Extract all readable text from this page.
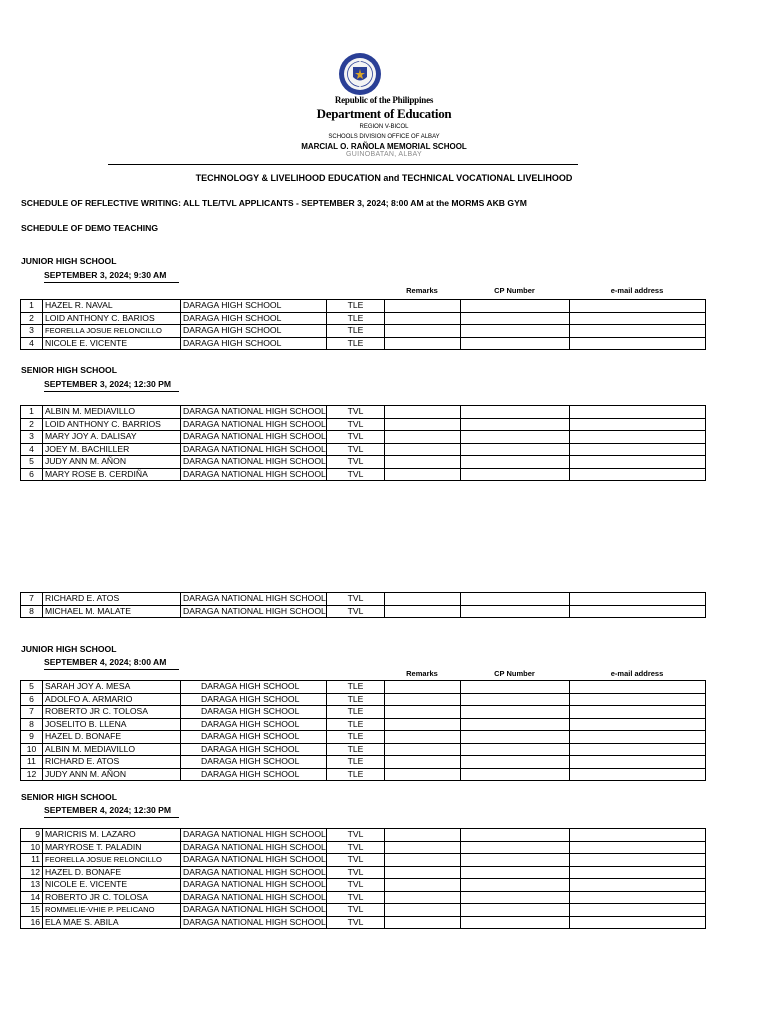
Republic of the Philippines
Department of Education
REGION V-BICOL
SCHOOLS DIVISION OFFICE OF ALBAY
MARCIAL O. RAÑOLA MEMORIAL SCHOOL
GUINOBATAN, ALBAY
TECHNOLOGY & LIVELIHOOD EDUCATION and TECHNICAL VOCATIONAL LIVELIHOOD
SCHEDULE OF REFLECTIVE WRITING: ALL TLE/TVL APPLICANTS - SEPTEMBER 3, 2024; 8:00 AM at the MORMS AKB GYM
SCHEDULE OF DEMO TEACHING
JUNIOR HIGH SCHOOL
SEPTEMBER 3, 2024; 9:30 AM
Remarks	CP Number	e-mail address
1	HAZEL R. NAVAL	DARAGA HIGH SCHOOL	TLE			
2	LOID ANTHONY C. BARIOS	DARAGA HIGH SCHOOL	TLE			
3	FEORELLA JOSUE RELONCILLO	DARAGA HIGH SCHOOL	TLE			
4	NICOLE E. VICENTE	DARAGA HIGH SCHOOL	TLE			
SENIOR HIGH SCHOOL
SEPTEMBER 3, 2024; 12:30 PM
1	ALBIN M. MEDIAVILLO	DARAGA NATIONAL HIGH SCHOOL	TVL			
2	LOID ANTHONY C. BARRIOS	DARAGA NATIONAL HIGH SCHOOL	TVL			
3	MARY JOY A. DALISAY	DARAGA NATIONAL HIGH SCHOOL	TVL			
4	JOEY M. BACHILLER	DARAGA NATIONAL HIGH SCHOOL	TVL			
5	JUDY ANN M. AÑON	DARAGA NATIONAL HIGH SCHOOL	TVL			
6	MARY ROSE B. CERDIÑA	DARAGA NATIONAL HIGH SCHOOL	TVL			
7	RICHARD E. ATOS	DARAGA NATIONAL HIGH SCHOOL	TVL			
8	MICHAEL M. MALATE	DARAGA NATIONAL HIGH SCHOOL	TVL			
JUNIOR HIGH SCHOOL
SEPTEMBER 4, 2024; 8:00 AM
Remarks	CP Number	e-mail address
5	SARAH JOY A. MESA	DARAGA HIGH SCHOOL	TLE			
6	ADOLFO A. ARMARIO	DARAGA HIGH SCHOOL	TLE			
7	ROBERTO JR C. TOLOSA	DARAGA HIGH SCHOOL	TLE			
8	JOSELITO B. LLENA	DARAGA HIGH SCHOOL	TLE			
9	HAZEL D. BONAFE	DARAGA HIGH SCHOOL	TLE			
10	ALBIN M. MEDIAVILLO	DARAGA HIGH SCHOOL	TLE			
11	RICHARD E. ATOS	DARAGA HIGH SCHOOL	TLE			
12	JUDY ANN M. AÑON	DARAGA HIGH SCHOOL	TLE			
SENIOR HIGH SCHOOL
SEPTEMBER 4, 2024; 12:30 PM
9	MARICRIS M. LAZARO	DARAGA NATIONAL HIGH SCHOOL	TVL			
10	MARYROSE T. PALADIN	DARAGA NATIONAL HIGH SCHOOL	TVL			
11	FEORELLA JOSUE RELONCILLO	DARAGA NATIONAL HIGH SCHOOL	TVL			
12	HAZEL D. BONAFE	DARAGA NATIONAL HIGH SCHOOL	TVL			
13	NICOLE E. VICENTE	DARAGA NATIONAL HIGH SCHOOL	TVL			
14	ROBERTO JR C. TOLOSA	DARAGA NATIONAL HIGH SCHOOL	TVL			
15	ROMMELIE-VHIE P. PELICANO	DARAGA NATIONAL HIGH SCHOOL	TVL			
16	ELA MAE S. ABILA	DARAGA NATIONAL HIGH SCHOOL	TVL			
